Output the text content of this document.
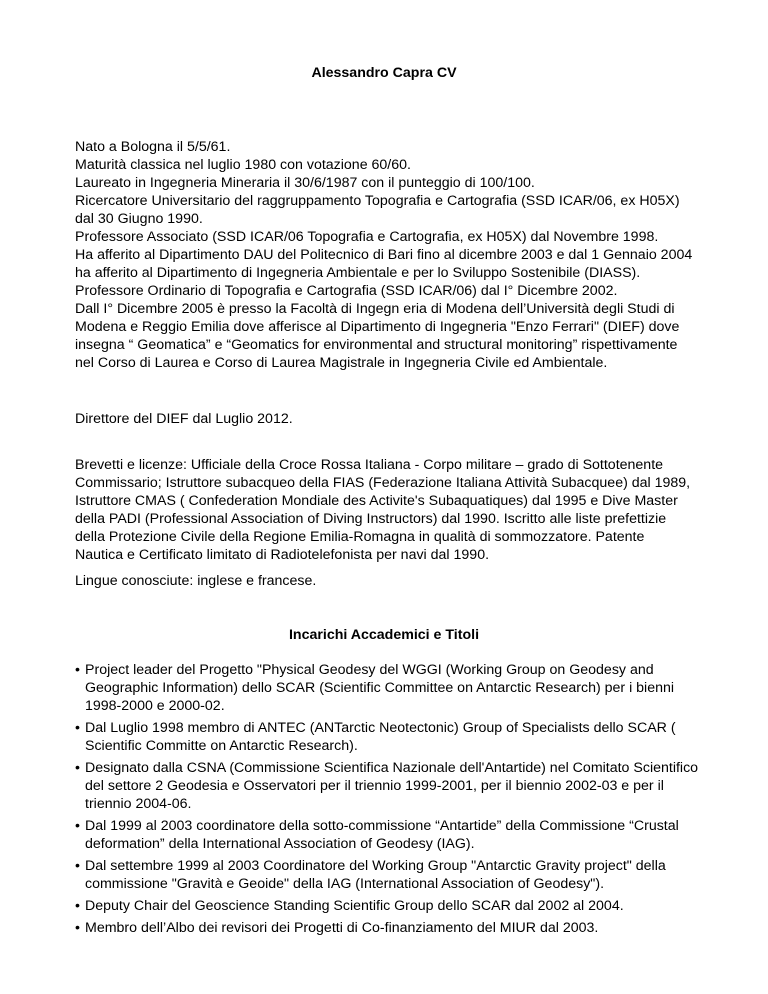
Alessandro Capra CV
Nato a Bologna il 5/5/61.
Maturità classica nel luglio 1980 con votazione 60/60.
Laureato in Ingegneria Mineraria il 30/6/1987 con il punteggio di 100/100.
Ricercatore Universitario del raggruppamento Topografia e Cartografia (SSD ICAR/06, ex H05X) dal 30 Giugno 1990.
Professore Associato (SSD ICAR/06 Topografia e Cartografia, ex H05X) dal Novembre 1998.
Ha afferito al Dipartimento DAU del Politecnico di Bari fino al dicembre 2003 e dal 1 Gennaio 2004 ha afferito al Dipartimento di Ingegneria Ambientale e per lo Sviluppo Sostenibile (DIASS).
Professore Ordinario di Topografia e Cartografia (SSD ICAR/06) dal I° Dicembre 2002.
Dall I° Dicembre 2005 è presso la Facoltà di Ingegn eria di Modena dell’Università degli Studi di Modena e Reggio Emilia dove afferisce al Dipartimento di Ingegneria "Enzo Ferrari" (DIEF) dove insegna “ Geomatica” e “Geomatics for environmental and structural monitoring” rispettivamente nel Corso di Laurea e Corso di Laurea Magistrale in Ingegneria Civile ed Ambientale.
Direttore del DIEF dal Luglio 2012.
Brevetti e licenze: Ufficiale della Croce Rossa Italiana - Corpo militare – grado di Sottotenente Commissario; Istruttore subacqueo della FIAS (Federazione Italiana Attività Subacquee) dal 1989, Istruttore CMAS ( Confederation Mondiale des Activite's Subaquatiques) dal 1995 e Dive Master della PADI (Professional Association of Diving Instructors) dal 1990. Iscritto alle liste prefettizie della Protezione Civile della Regione Emilia-Romagna in qualità di sommozzatore. Patente Nautica e Certificato limitato di Radiotelefonista per navi dal 1990.
Lingue conosciute: inglese e francese.
Incarichi Accademici e Titoli
• Project leader del Progetto "Physical Geodesy del WGGI (Working Group on Geodesy and Geographic Information) dello SCAR (Scientific Committee on Antarctic Research) per i bienni 1998-2000 e 2000-02.
• Dal Luglio 1998 membro di ANTEC (ANTarctic Neotectonic) Group of Specialists dello SCAR ( Scientific Committe on Antarctic Research).
• Designato dalla CSNA (Commissione Scientifica Nazionale dell'Antartide) nel Comitato Scientifico del settore 2 Geodesia e Osservatori per il triennio 1999-2001, per il biennio 2002-03 e per il triennio 2004-06.
• Dal 1999 al 2003 coordinatore della sotto-commissione “Antartide” della Commissione “Crustal deformation” della International Association of Geodesy (IAG).
• Dal settembre 1999 al 2003 Coordinatore del Working Group "Antarctic Gravity project" della commissione "Gravità e Geoide" della IAG (International Association of Geodesy").
• Deputy Chair del Geoscience Standing Scientific Group dello SCAR dal 2002 al 2004.
• Membro dell’Albo dei revisori dei Progetti di Co-finanziamento del MIUR dal 2003.
